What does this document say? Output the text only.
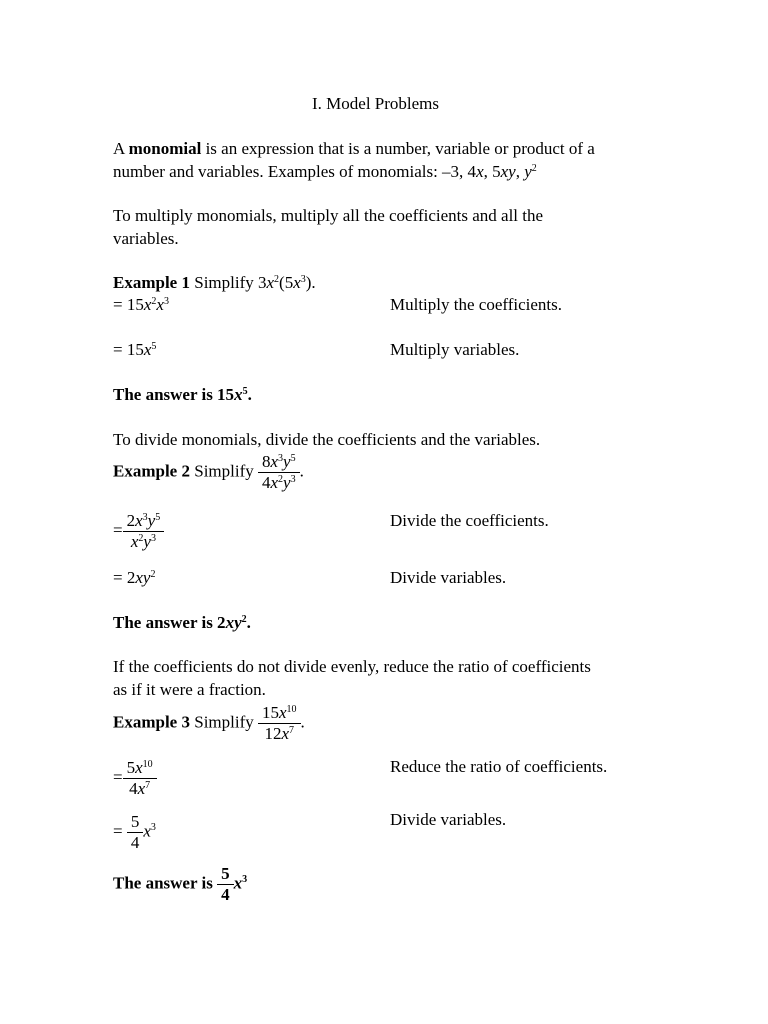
I. Model Problems
A monomial is an expression that is a number, variable or product of a
number and variables. Examples of monomials: –3, 4x, 5xy, $y^2$
To multiply monomials, multiply all the coefficients and all the
variables.
Example 1 Simplify $3x^2(5x^3)$.
= $15x^2x^3$	Multiply the coefficients.
= $15x^5$	Multiply variables.
The answer is $15x^5$.
To divide monomials, divide the coefficients and the variables.
Example 2 Simplify $\frac{8x^3y^5}{4x^2y^3}$ .
= $\frac{2x^3y^5}{x^2y^3}$	Divide the coefficients.
= $2xy^2$	Divide variables.
The answer is $2xy^2$.
If the coefficients do not divide evenly, reduce the ratio of coefficients
as if it were a fraction.
Example 3 Simplify $\frac{15x^{10}}{12x^7}$ .
= $\frac{5x^{10}}{4x^7}$	Reduce the ratio of coefficients.
= $\frac{5}{4} x^3$	Divide variables.
The answer is $\frac{5}{4} x^3$
